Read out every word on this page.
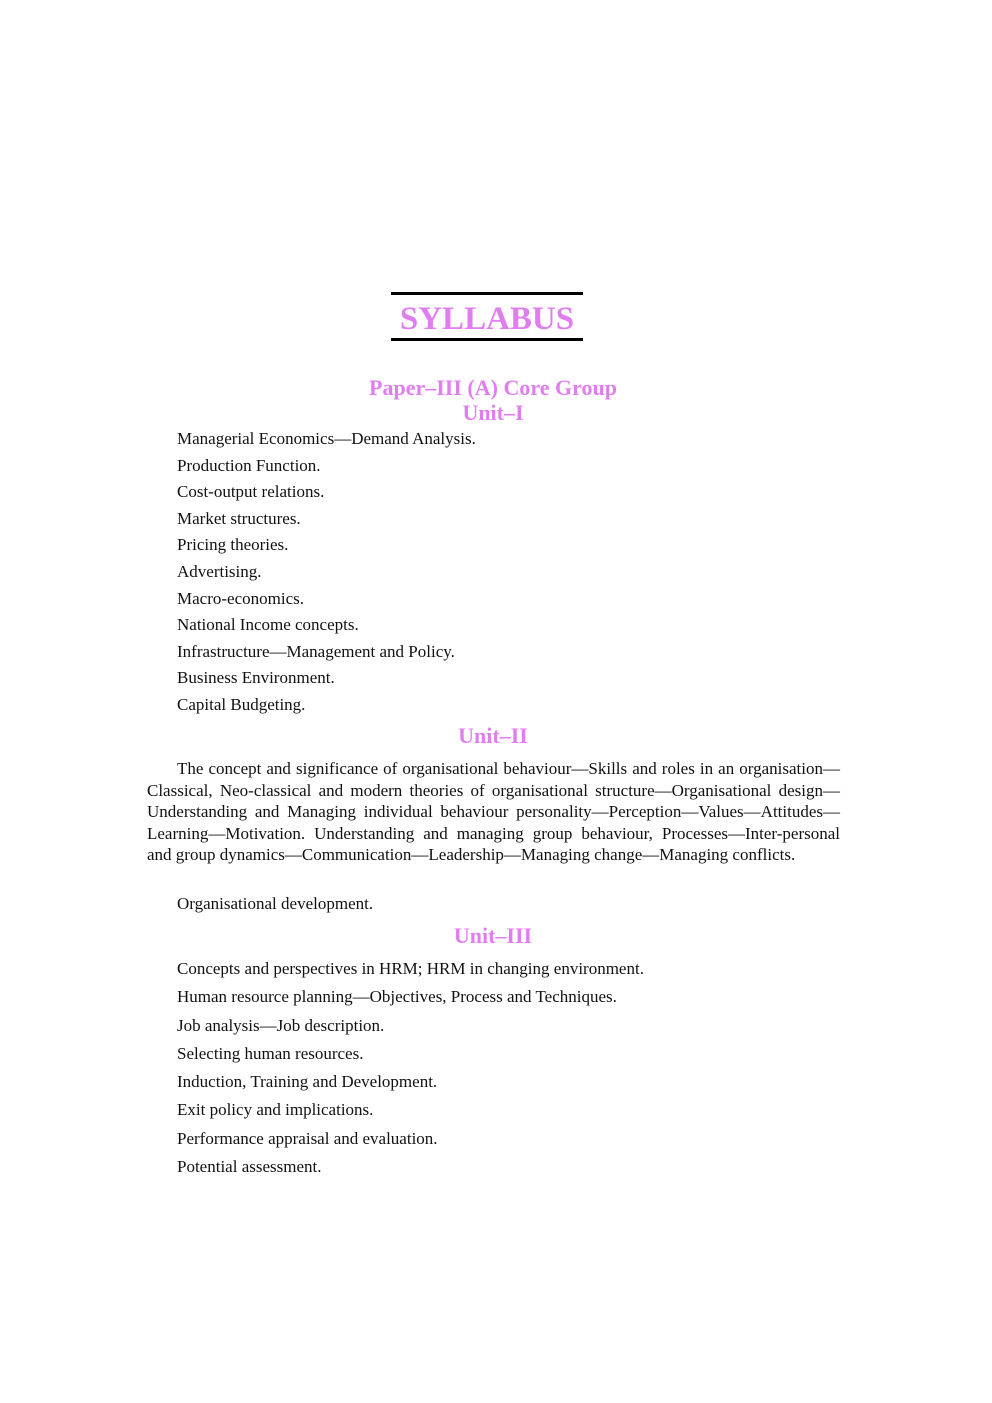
SYLLABUS
Paper–III (A) Core Group
Unit–I
Managerial Economics—Demand Analysis.
Production Function.
Cost-output relations.
Market structures.
Pricing theories.
Advertising.
Macro-economics.
National Income concepts.
Infrastructure—Management and Policy.
Business Environment.
Capital Budgeting.
Unit–II

The concept and significance of organisational behaviour—Skills and roles in an organisation—Classical, Neo-classical and modern theories of organisational structure—Organisational design—Understanding and Managing individual behaviour personality—Perception—Values—Attitudes—Learning—Motivation. Understanding and managing group behaviour, Processes—Inter-personal and group dynamics—Communication—Leadership—Managing change—Managing conflicts.

Organisational development.
Unit–III
Concepts and perspectives in HRM; HRM in changing environment.
Human resource planning—Objectives, Process and Techniques.
Job analysis—Job description.
Selecting human resources.
Induction, Training and Development.
Exit policy and implications.
Performance appraisal and evaluation.
Potential assessment.
